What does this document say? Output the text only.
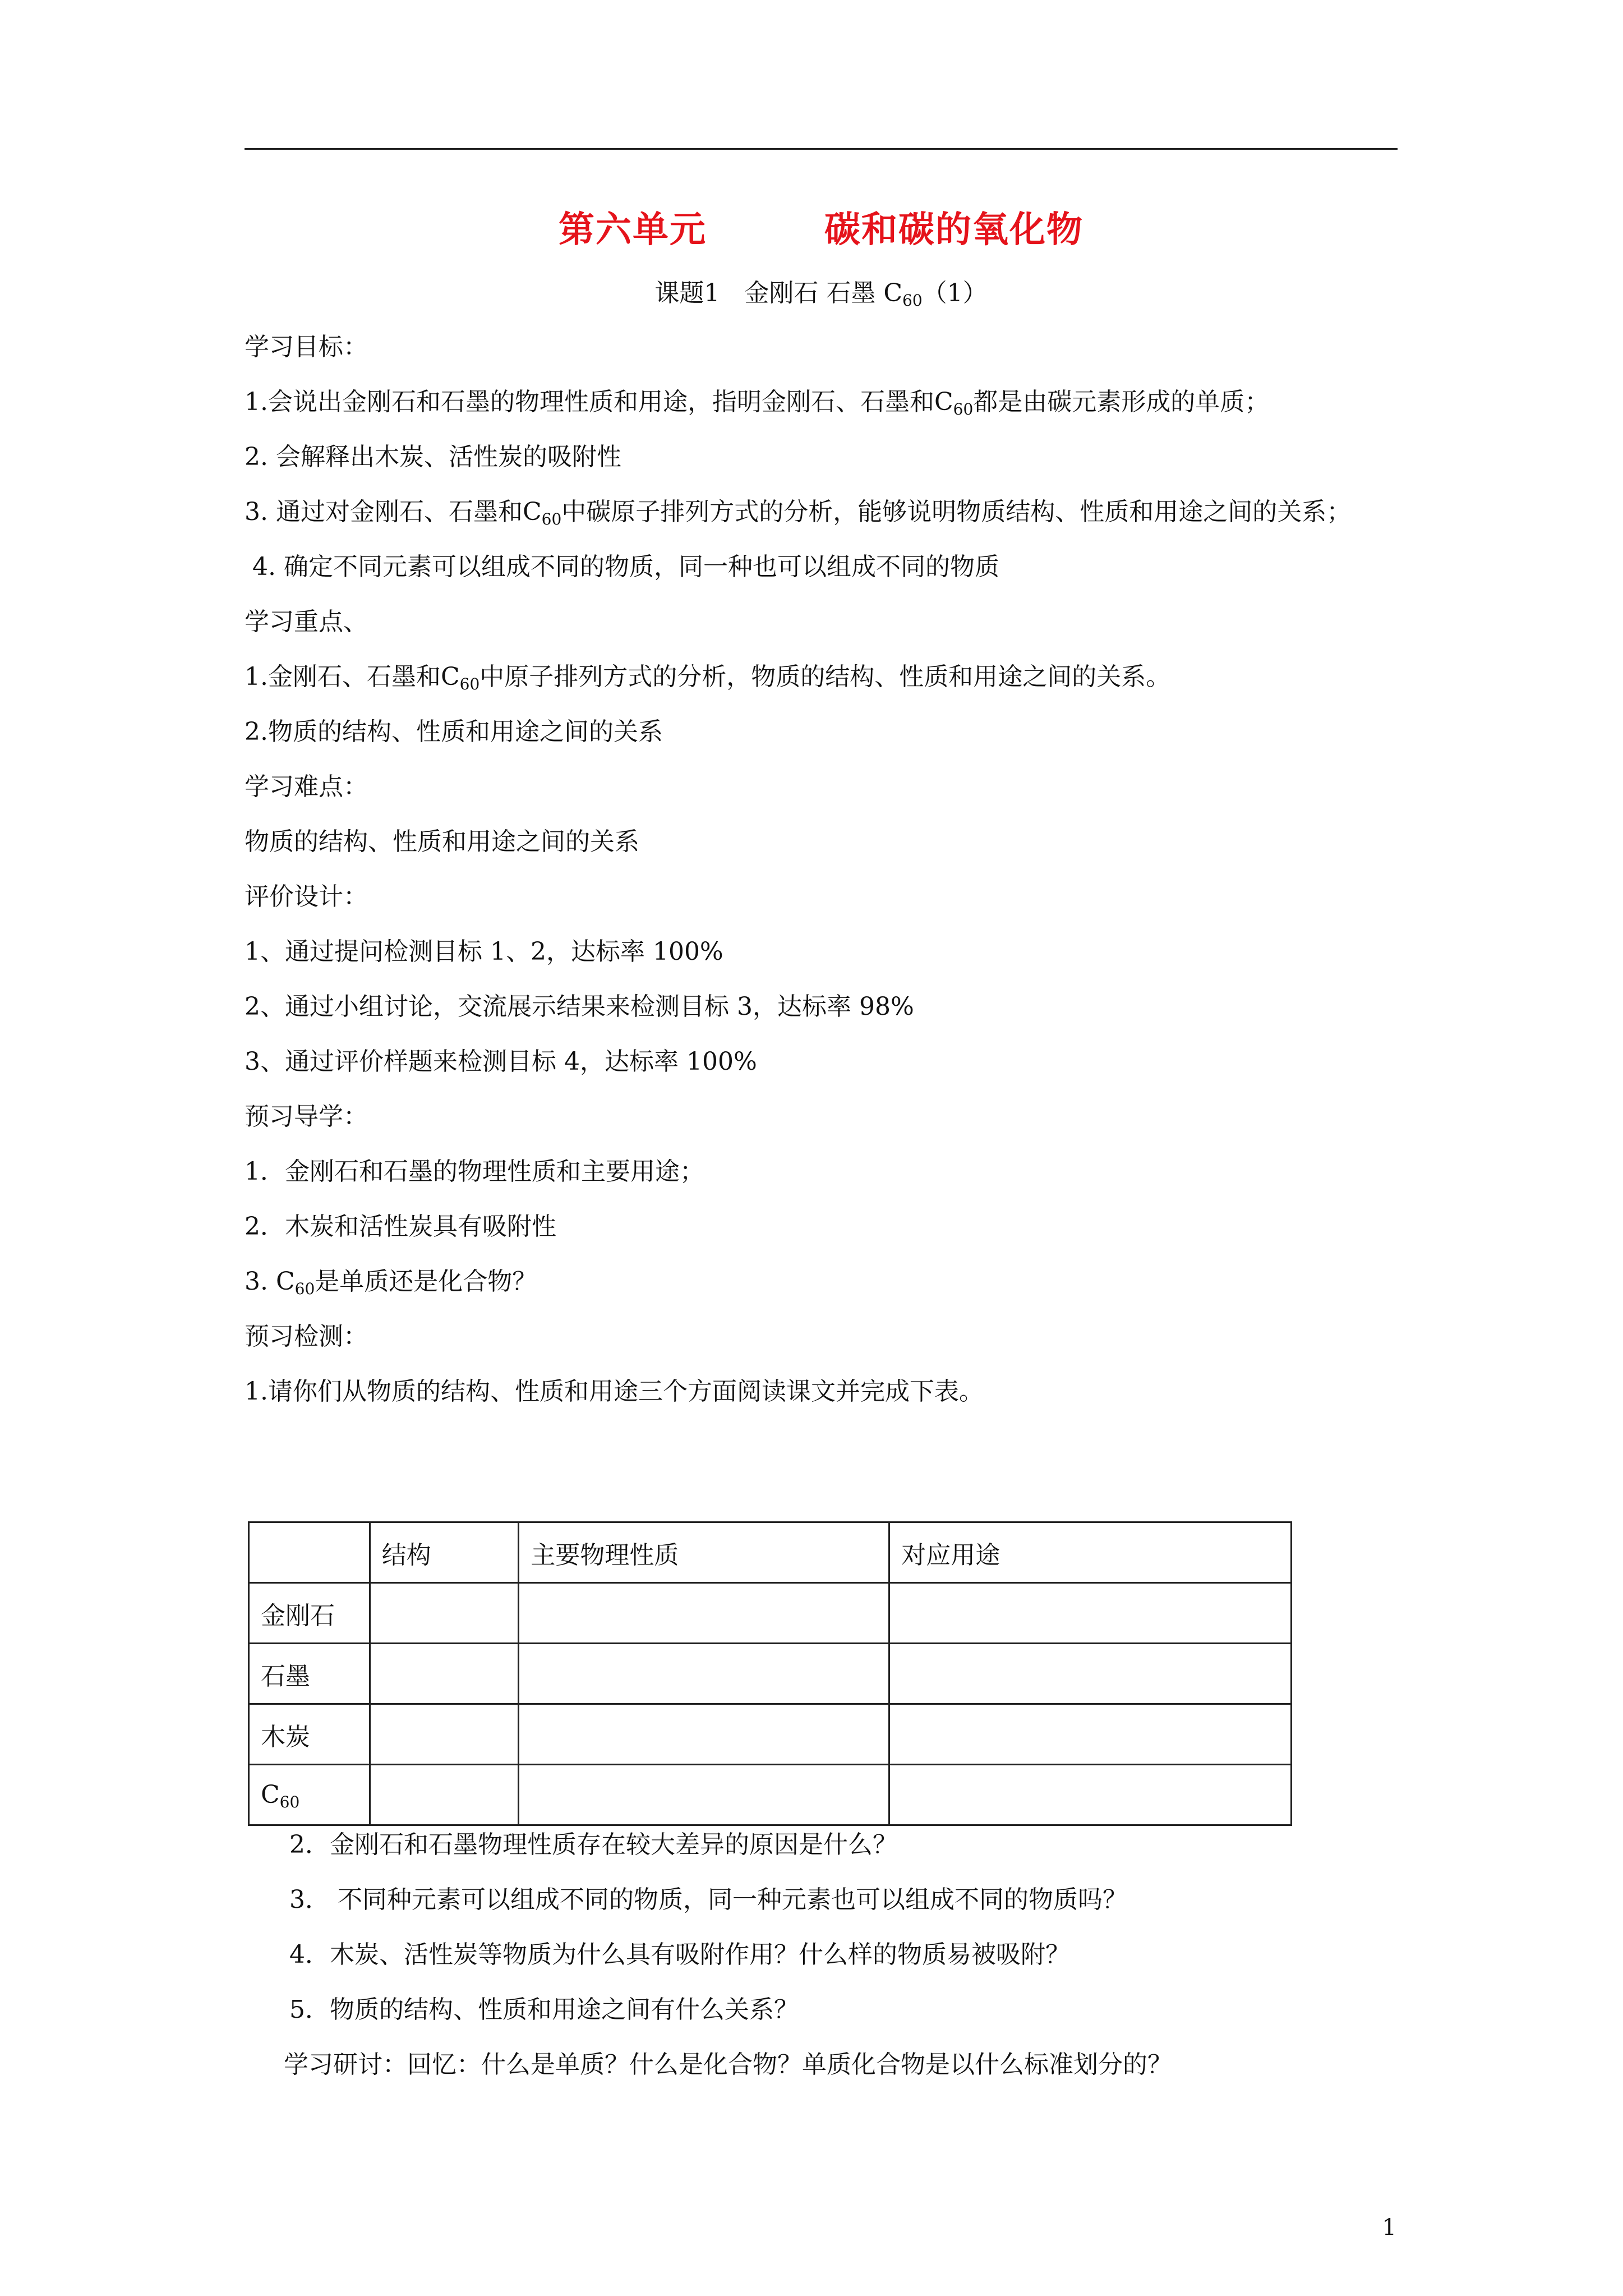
第六单元	碳和碳的氧化物
课题1　金刚石 石墨 $C_{60}(1)$
学习目标：
1.会说出金刚石和石墨的物理性质和用途，指明金刚石、石墨和$C_{60}$都是由碳元素形成的单质；
2. 会解释出木炭、活性炭的吸附性
3. 通过对金刚石、石墨和$C_{60}$中碳原子排列方式的分析，能够说明物质结构、性质和用途之间的关系；
4. 确定不同元素可以组成不同的物质，同一种也可以组成不同的物质
学习重点、
1.金刚石、石墨和$C_{60}$中原子排列方式的分析，物质的结构、性质和用途之间的关系。
2.物质的结构、性质和用途之间的关系
学习难点：
物质的结构、性质和用途之间的关系
评价设计：
1、通过提问检测目标 1、2，达标率 100%
2、通过小组讨论，交流展示结果来检测目标 3，达标率 98%
3、通过评价样题来检测目标 4，达标率 100%
预习导学：
1．金刚石和石墨的物理性质和主要用途；
2．木炭和活性炭具有吸附性
3. $C_{60}$是单质还是化合物？
预习检测：
1.请你们从物质的结构、性质和用途三个方面阅读课文并完成下表。
	结构	主要物理性质	对应用途
金刚石			
石墨			
木炭			
$C_{60}$			
2．金刚石和石墨物理性质存在较大差异的原因是什么？
3． 不同种元素可以组成不同的物质，同一种元素也可以组成不同的物质吗？
4．木炭、活性炭等物质为什么具有吸附作用？什么样的物质易被吸附？
5．物质的结构、性质和用途之间有什么关系？
学习研讨：回忆：什么是单质？什么是化合物？单质化合物是以什么标准划分的？
1
